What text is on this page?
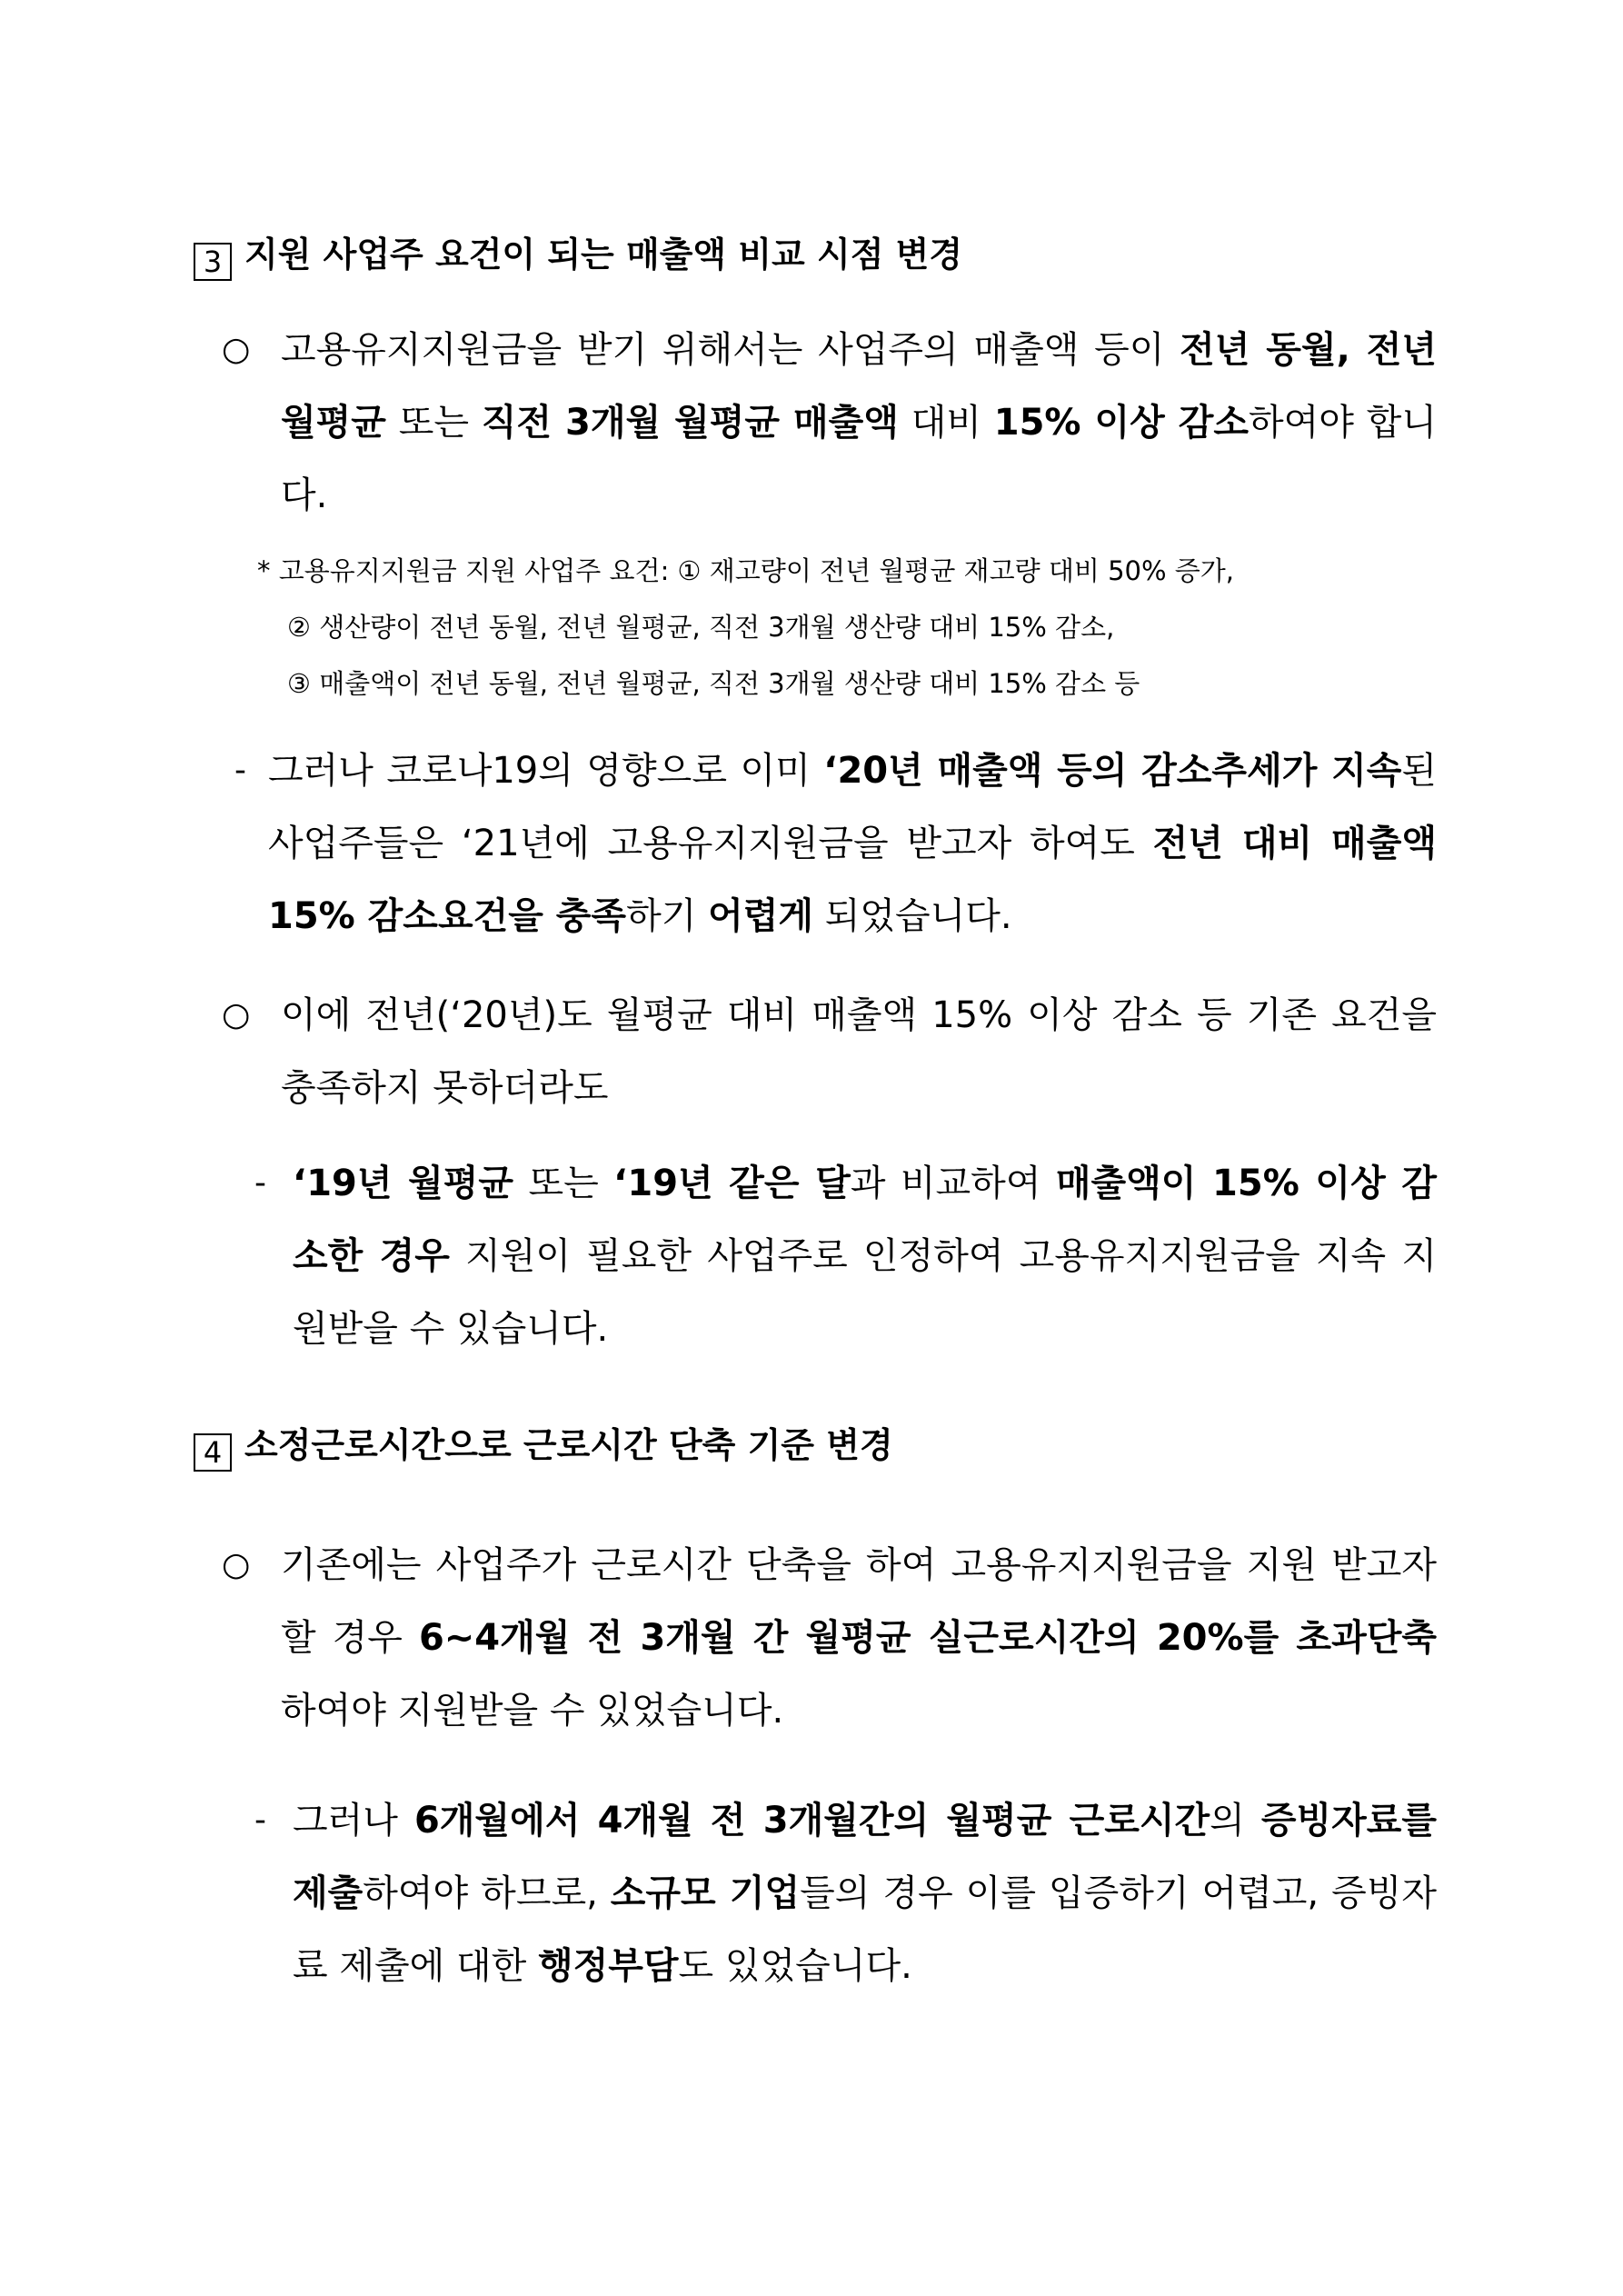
3 지원 사업주 요건이 되는 매출액 비교 시점 변경
○ 고용유지지원금을 받기 위해서는 사업주의 매출액 등이 전년 동월, 전년 월평균 또는 직전 3개월 월평균 매출액 대비 15% 이상 감소하여야 합니다.
* 고용유지지원금 지원 사업주 요건: ① 재고량이 전년 월평균 재고량 대비 50% 증가,
② 생산량이 전년 동월, 전년 월평균, 직전 3개월 생산량 대비 15% 감소,
③ 매출액이 전년 동월, 전년 월평균, 직전 3개월 생산량 대비 15% 감소 등
- 그러나 코로나19의 영향으로 이미 ‘20년 매출액 등의 감소추세가 지속된 사업주들은 ‘21년에 고용유지지원금을 받고자 하여도 전년 대비 매출액 15% 감소요건을 충족하기 어렵게 되었습니다.
○ 이에 전년(‘20년)도 월평균 대비 매출액 15% 이상 감소 등 기존 요건을 충족하지 못하더라도
- ‘19년 월평균 또는 ‘19년 같은 달과 비교하여 매출액이 15% 이상 감소한 경우 지원이 필요한 사업주로 인정하여 고용유지지원금을 지속 지원받을 수 있습니다.
4 소정근로시간으로 근로시간 단축 기준 변경
○ 기존에는 사업주가 근로시간 단축을 하여 고용유지지원금을 지원 받고자 할 경우 6~4개월 전 3개월 간 월평균 실근로시간의 20%를 초과단축 하여야 지원받을 수 있었습니다.
- 그러나 6개월에서 4개월 전 3개월간의 월평균 근로시간의 증빙자료를 제출하여야 하므로, 소규모 기업들의 경우 이를 입증하기 어렵고, 증빙자료 제출에 대한 행정부담도 있었습니다.
